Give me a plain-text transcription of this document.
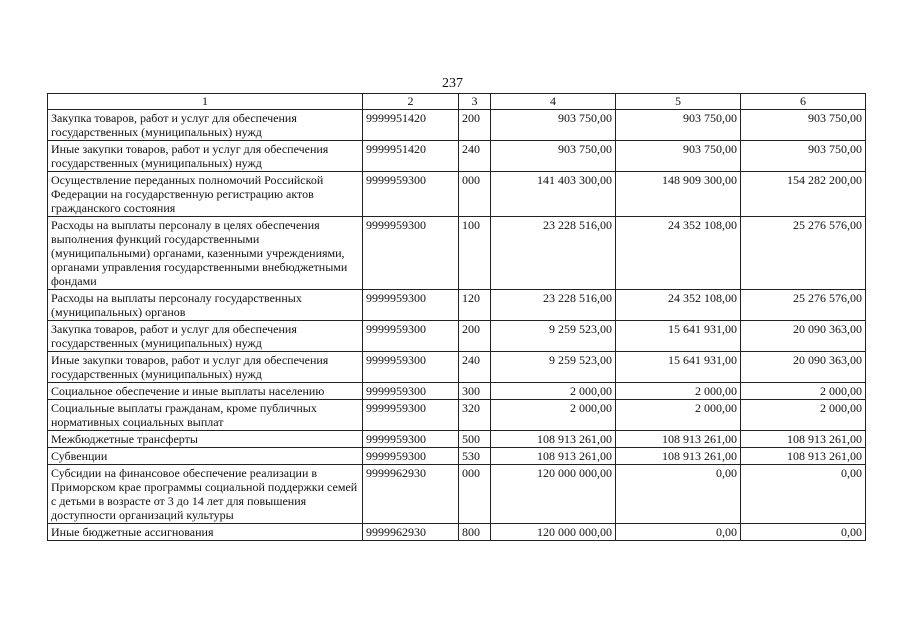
237
1	2	3	4	5	6
Закупка товаров, работ и услуг для обеспечения государственных (муниципальных) нужд	9999951420	200	903 750,00	903 750,00	903 750,00
Иные закупки товаров, работ и услуг для обеспечения государственных (муниципальных) нужд	9999951420	240	903 750,00	903 750,00	903 750,00
Осуществление переданных полномочий Российской Федерации на государственную регистрацию актов гражданского состояния	9999959300	000	141 403 300,00	148 909 300,00	154 282 200,00
Расходы на выплаты персоналу в целях обеспечения выполнения функций государственными (муниципальными) органами, казенными учреждениями, органами управления государственными внебюджетными фондами	9999959300	100	23 228 516,00	24 352 108,00	25 276 576,00
Расходы на выплаты персоналу государственных (муниципальных) органов	9999959300	120	23 228 516,00	24 352 108,00	25 276 576,00
Закупка товаров, работ и услуг для обеспечения государственных (муниципальных) нужд	9999959300	200	9 259 523,00	15 641 931,00	20 090 363,00
Иные закупки товаров, работ и услуг для обеспечения государственных (муниципальных) нужд	9999959300	240	9 259 523,00	15 641 931,00	20 090 363,00
Социальное обеспечение и иные выплаты населению	9999959300	300	2 000,00	2 000,00	2 000,00
Социальные выплаты гражданам, кроме публичных нормативных социальных выплат	9999959300	320	2 000,00	2 000,00	2 000,00
Межбюджетные трансферты	9999959300	500	108 913 261,00	108 913 261,00	108 913 261,00
Субвенции	9999959300	530	108 913 261,00	108 913 261,00	108 913 261,00
Субсидии на финансовое обеспечение реализации в Приморском крае программы социальной поддержки семей с детьми в возрасте от 3 до 14 лет для повышения доступности организаций культуры	9999962930	000	120 000 000,00	0,00	0,00
Иные бюджетные ассигнования	9999962930	800	120 000 000,00	0,00	0,00
